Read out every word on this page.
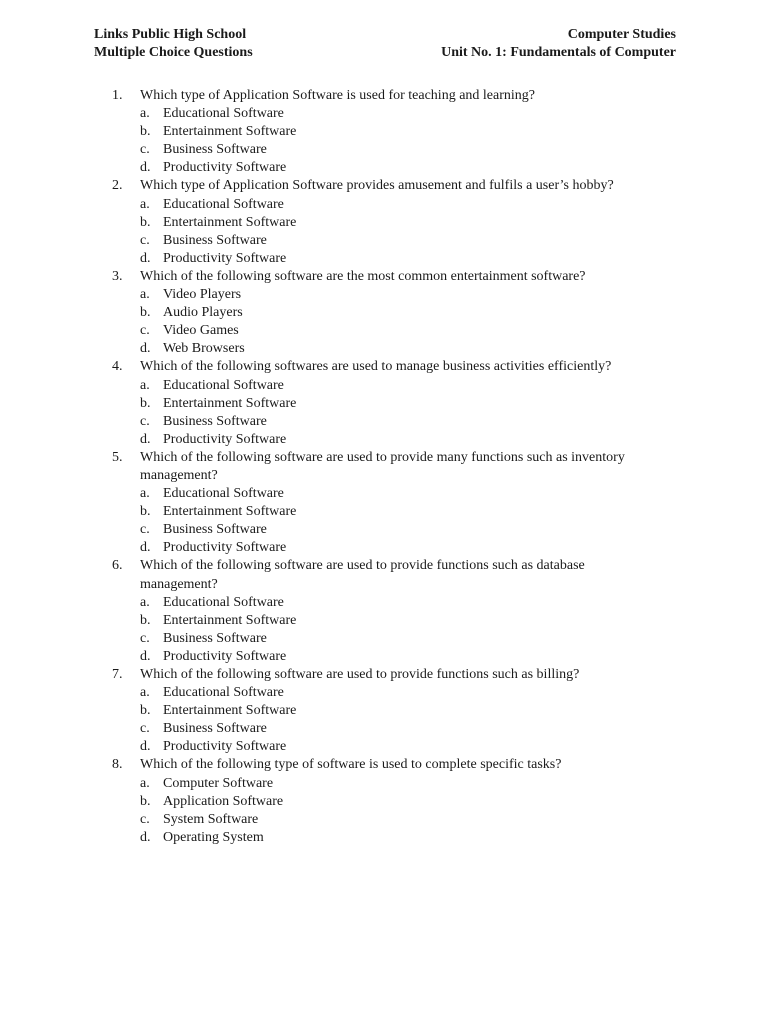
Links Public High School	Computer Studies
Multiple Choice Questions	Unit No. 1: Fundamentals of Computer
1.	Which type of Application Software is used for teaching and learning?
a. Educational Software
b. Entertainment Software
c. Business Software
d. Productivity Software
2.	Which type of Application Software provides amusement and fulfils a user’s hobby?
a. Educational Software
b. Entertainment Software
c. Business Software
d. Productivity Software
3.	Which of the following software are the most common entertainment software?
a. Video Players
b. Audio Players
c. Video Games
d. Web Browsers
4.	Which of the following softwares are used to manage business activities efficiently?
a. Educational Software
b. Entertainment Software
c. Business Software
d. Productivity Software
5.	Which of the following software are used to provide many functions such as inventory management?
a. Educational Software
b. Entertainment Software
c. Business Software
d. Productivity Software
6.	Which of the following software are used to provide functions such as database management?
a. Educational Software
b. Entertainment Software
c. Business Software
d. Productivity Software
7.	Which of the following software are used to provide functions such as billing?
a. Educational Software
b. Entertainment Software
c. Business Software
d. Productivity Software
8.	Which of the following type of software is used to complete specific tasks?
a. Computer Software
b. Application Software
c. System Software
d. Operating System
